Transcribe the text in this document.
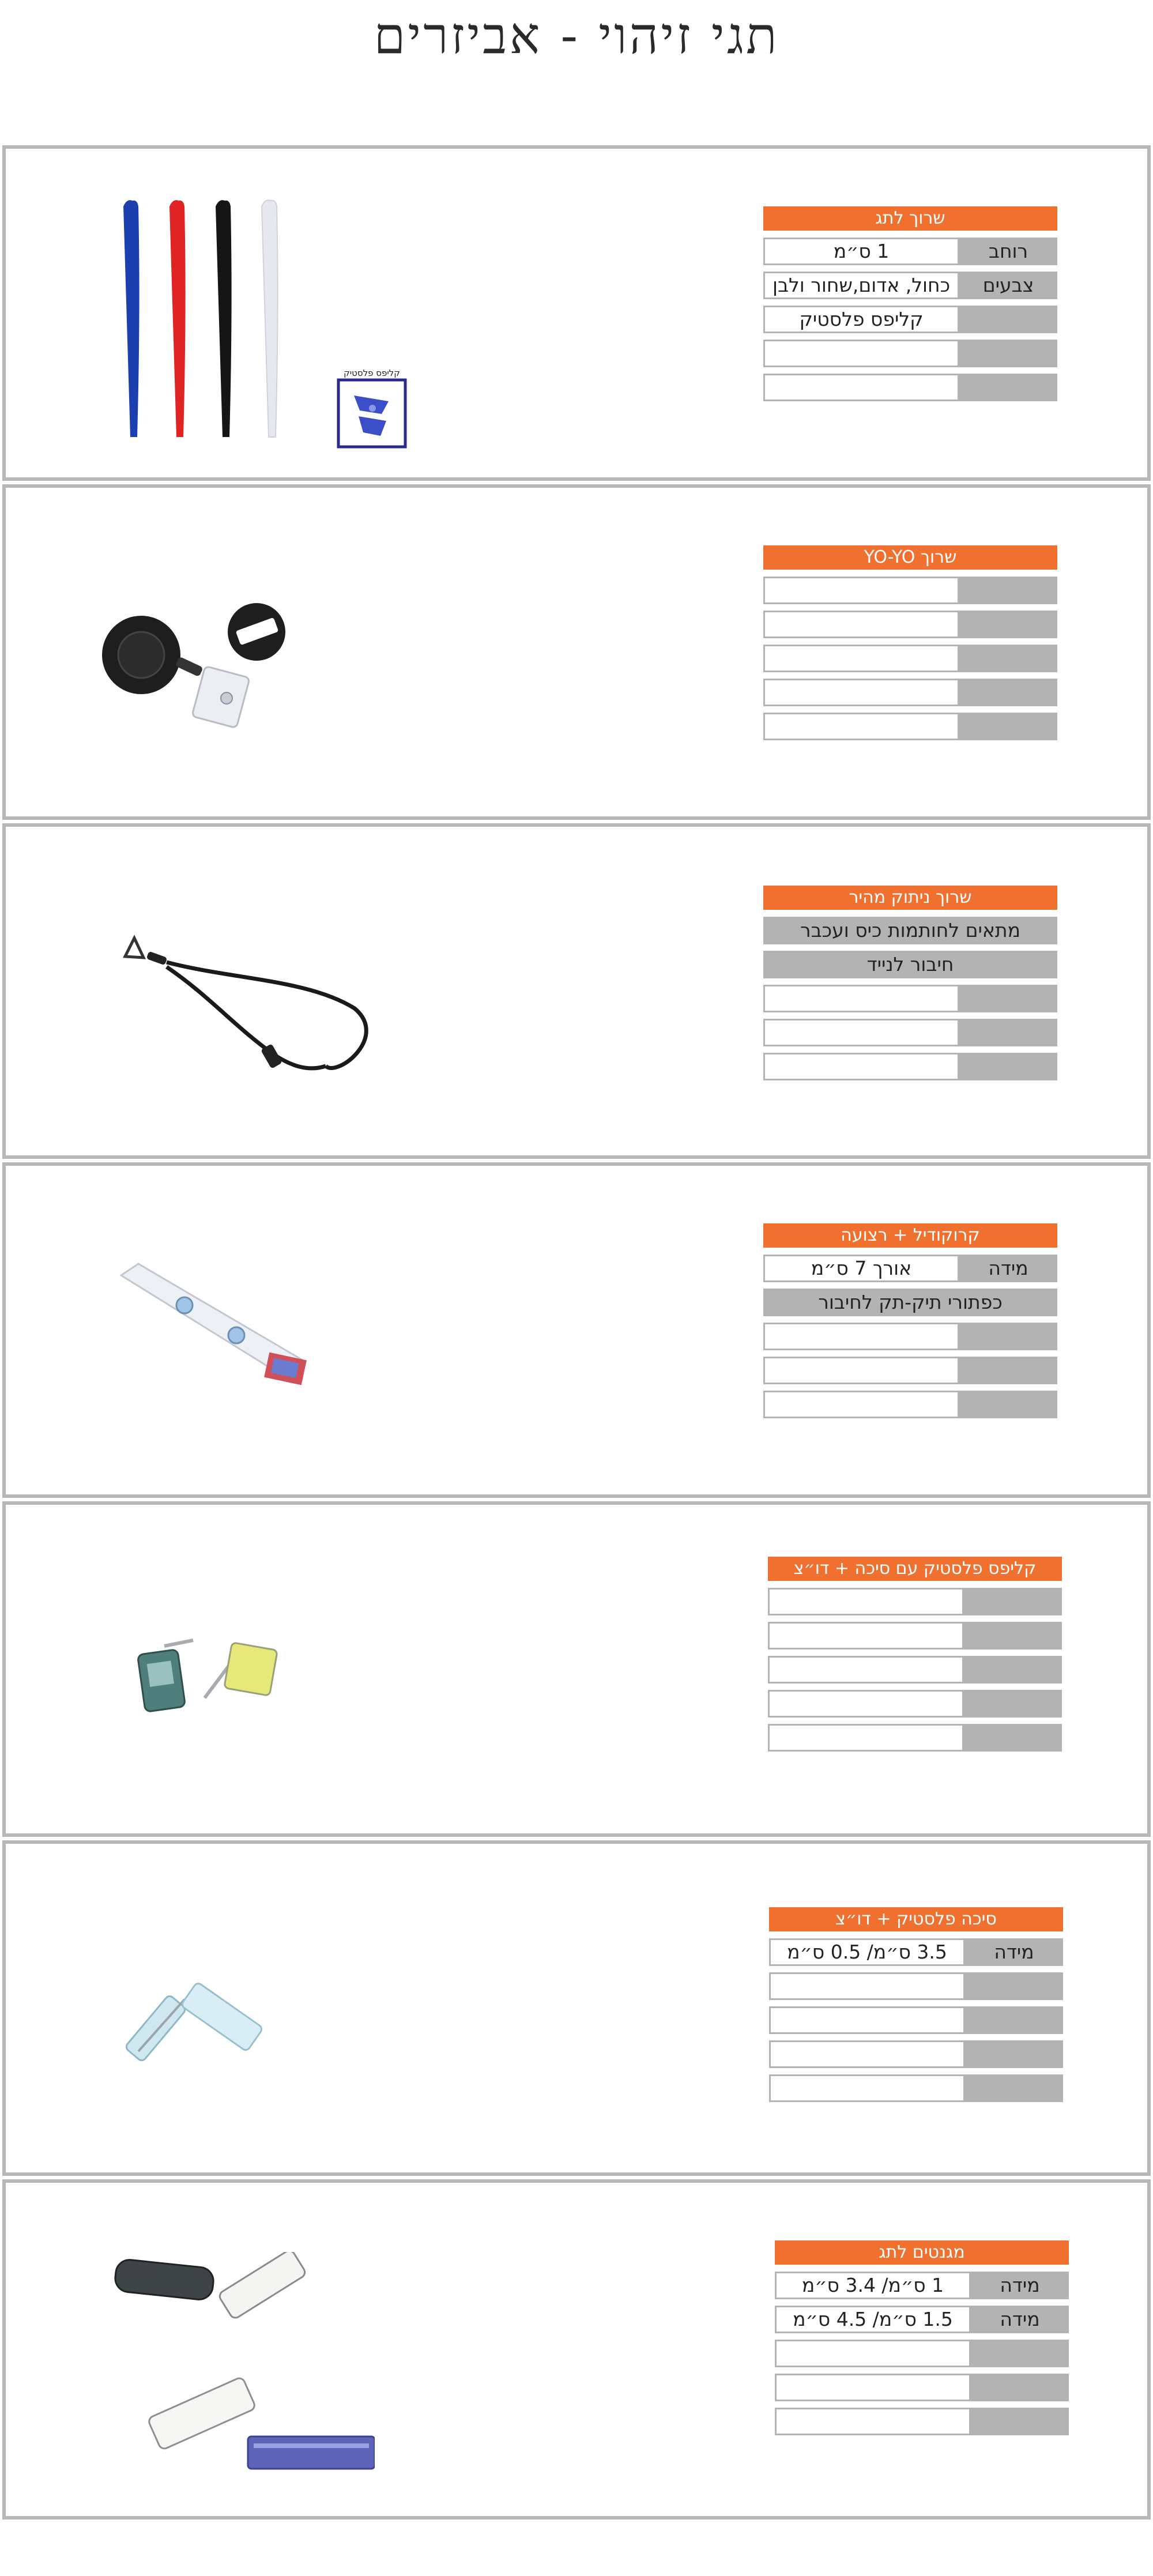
תגי זיהוי - אביזרים
קליפס פלסטיק
שרוך לתג
רוחב
1 ס״מ
צבעים
כחול, אדום,שחור ולבן
קליפס פלסטיק
שרוך YO-YO
שרוך ניתוק מהיר
מתאים לחותמות כיס ועכבר
חיבור לנייד
קרוקודיל + רצועה
מידה
אורך 7 ס״מ
כפתורי תיק-תק לחיבור
קליפס פלסטיק עם סיכה + דו״צ
סיכה פלסטיק + דו״צ
מידה
3.5 ס״מ/ 0.5 ס״מ
מגנטים לתג
מידה
1 ס״מ/ 3.4 ס״מ
מידה
1.5 ס״מ/ 4.5 ס״מ
